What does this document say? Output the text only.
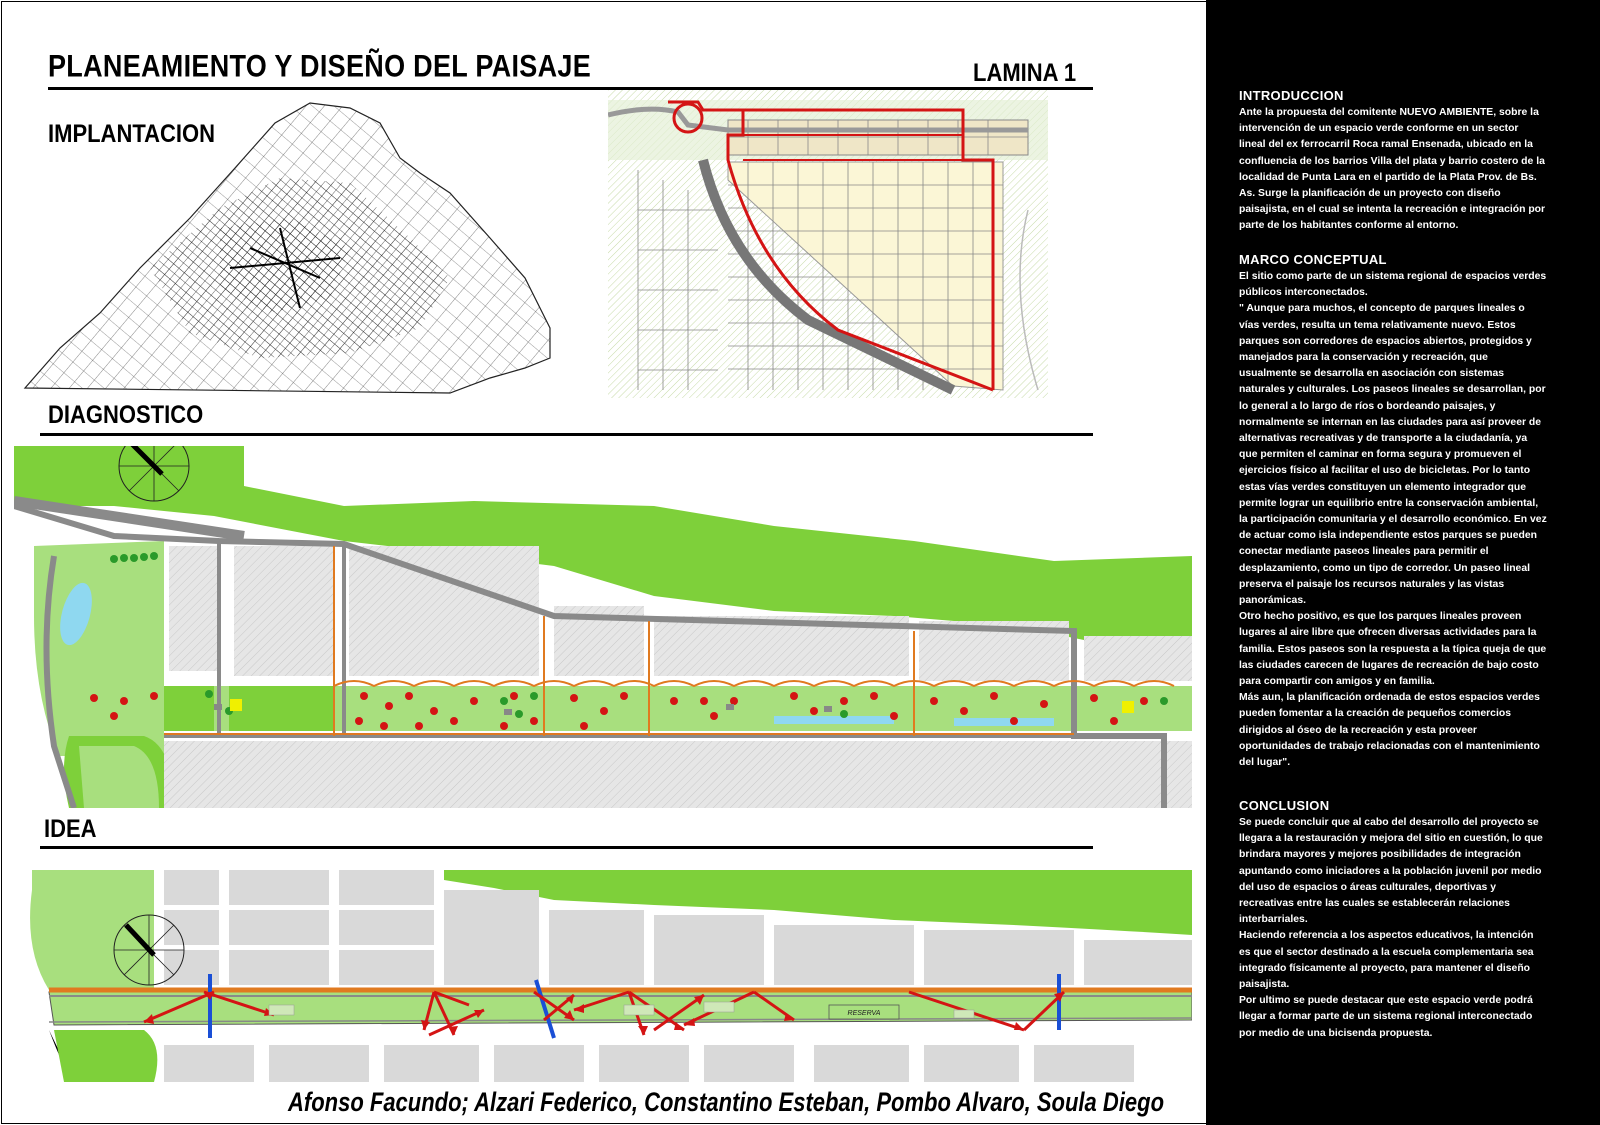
PLANEAMIENTO Y DISEÑO DEL PAISAJE	LAMINA 1
IMPLANTACION
DIAGNOSTICO
IDEA
RESERVA
Afonso Facundo; Alzari Federico, Constantino Esteban, Pombo Alvaro, Soula Diego
INTRODUCCION

Ante la propuesta del comitente NUEVO AMBIENTE, sobre la intervención de un espacio verde conforme en un sector lineal del ex ferrocarril Roca ramal Ensenada, ubicado en la confluencia de los barrios Villa del plata y barrio costero de la localidad de Punta Lara en el partido de la Plata Prov. de Bs. As. Surge la planificación de un proyecto con diseño paisajista, en el cual se intenta la recreación e integración por parte de los habitantes conforme al entorno.

MARCO CONCEPTUAL

El sitio como parte de un sistema regional de espacios verdes públicos interconectados.
" Aunque para muchos, el concepto de parques lineales o vías verdes, resulta un tema relativamente nuevo. Estos parques son corredores de espacios abiertos, protegidos y manejados para la conservación y recreación, que usualmente se desarrolla en asociación con sistemas naturales y culturales. Los paseos lineales se desarrollan, por lo general a lo largo de ríos o bordeando paisajes, y normalmente se internan en las ciudades para así proveer de alternativas recreativas y de transporte a la ciudadanía, ya que permiten el caminar en forma segura y promueven el ejercicios físico al facilitar el uso de bicicletas. Por lo tanto estas vías verdes constituyen un elemento integrador que permite lograr un equilibrio entre la conservación ambiental, la participación comunitaria y el desarrollo económico. En vez de actuar como isla independiente estos parques se pueden conectar mediante paseos lineales para permitir el desplazamiento, como un tipo de corredor. Un paseo lineal preserva el paisaje los recursos naturales y las vistas panorámicas.
Otro hecho positivo, es que los parques lineales proveen lugares al aire libre que ofrecen diversas actividades para la familia. Estos paseos son la respuesta a la típica queja de que las ciudades carecen de lugares de recreación de bajo costo para compartir con amigos y en familia.
Más aun, la planificación ordenada de estos espacios verdes pueden fomentar a la creación de pequeños comercios dirigidos al óseo de la recreación y esta proveer oportunidades de trabajo relacionadas con el mantenimiento del lugar".

CONCLUSION

Se puede concluir que al cabo del desarrollo del proyecto se llegara a la restauración y mejora del sitio en cuestión, lo que brindara mayores y mejores posibilidades de integración apuntando como iniciadores a la población juvenil por medio del uso de espacios o áreas culturales, deportivas y recreativas entre las cuales se establecerán relaciones interbarriales.
Haciendo referencia a los aspectos educativos, la intención es que el sector destinado a la escuela complementaria sea integrado físicamente al proyecto, para mantener el diseño paisajista.
Por ultimo se puede destacar que este espacio verde podrá llegar a formar parte de un sistema regional interconectado por medio de una bicisenda propuesta.
